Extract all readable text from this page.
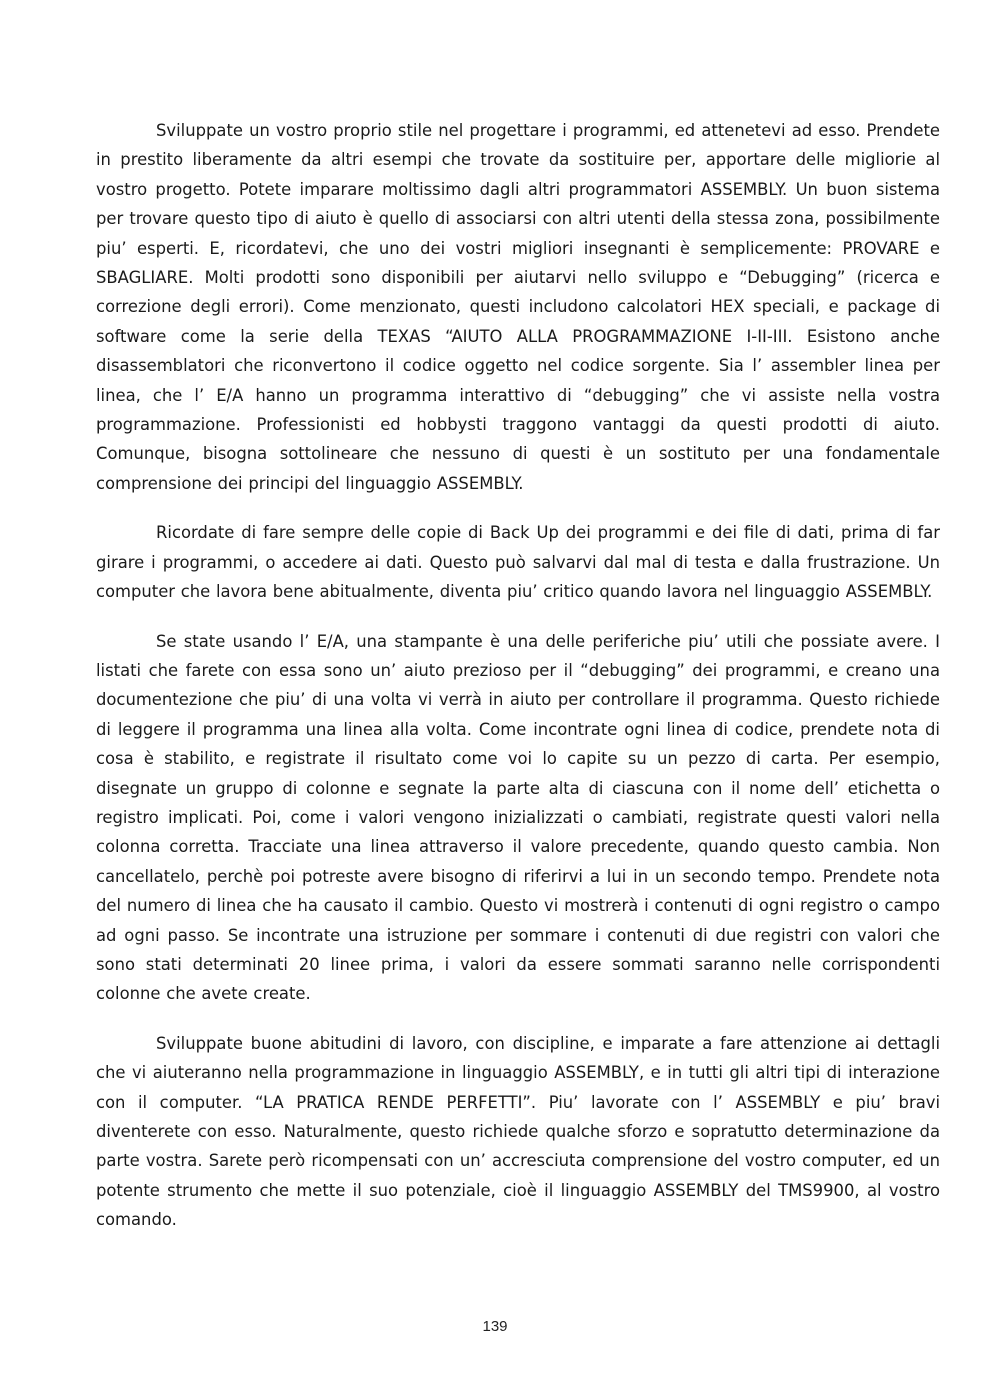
Sviluppate un vostro proprio stile nel progettare i programmi, ed attenetevi ad esso. Prendete in prestito liberamente da altri esempi che trovate da sostituire per, apportare delle migliorie al vostro progetto. Potete imparare moltissimo dagli altri programmatori ASSEMBLY. Un buon sistema per trovare questo tipo di aiuto è quello di associarsi con altri utenti della stessa zona, possibilmente piu’ esperti. E, ricordatevi, che uno dei vostri migliori insegnanti è semplicemente: PROVARE e SBAGLIARE. Molti prodotti sono disponibili per aiutarvi nello sviluppo e “Debugging” (ricerca e correzione degli errori). Come menzionato, questi includono calcolatori HEX speciali, e package di software come la serie della TEXAS “AIUTO ALLA PROGRAMMAZIONE I-II-III. Esistono anche disassemblatori che riconvertono il codice oggetto nel codice sorgente. Sia l’ assembler linea per linea, che l’ E/A hanno un programma interattivo di “debugging” che vi assiste nella vostra programmazione. Professionisti ed hobbysti traggono vantaggi da questi prodotti di aiuto. Comunque, bisogna sottolineare che nessuno di questi è un sostituto per una fondamentale comprensione dei principi del linguaggio ASSEMBLY.

Ricordate di fare sempre delle copie di Back Up dei programmi e dei file di dati, prima di far girare i programmi, o accedere ai dati. Questo può salvarvi dal mal di testa e dalla frustrazione. Un computer che lavora bene abitualmente, diventa piu’ critico quando lavora nel linguaggio ASSEMBLY.

Se state usando l’ E/A, una stampante è una delle periferiche piu’ utili che possiate avere. I listati che farete con essa sono un’ aiuto prezioso per il “debugging” dei programmi, e creano una documentezione che piu’ di una volta vi verrà in aiuto per controllare il programma. Questo richiede di leggere il programma una linea alla volta. Come incontrate ogni linea di codice, prendete nota di cosa è stabilito, e registrate il risultato come voi lo capite su un pezzo di carta. Per esempio, disegnate un gruppo di colonne e segnate la parte alta di ciascuna con il nome dell’ etichetta o registro implicati. Poi, come i valori vengono inizializzati o cambiati, registrate questi valori nella colonna corretta. Tracciate una linea attraverso il valore precedente, quando questo cambia. Non cancellatelo, perchè poi potreste avere bisogno di riferirvi a lui in un secondo tempo. Prendete nota del numero di linea che ha causato il cambio. Questo vi mostrerà i contenuti di ogni registro o campo ad ogni passo. Se incontrate una istruzione per sommare i contenuti di due registri con valori che sono stati determinati 20 linee prima, i valori da essere sommati saranno nelle corrispondenti colonne che avete create.

Sviluppate buone abitudini di lavoro, con discipline, e imparate a fare attenzione ai dettagli che vi aiuteranno nella programmazione in linguaggio ASSEMBLY, e in tutti gli altri tipi di interazione con il computer. “LA PRATICA RENDE PERFETTI”. Piu’ lavorate con l’ ASSEMBLY e piu’ bravi diventerete con esso. Naturalmente, questo richiede qualche sforzo e sopratutto determinazione da parte vostra. Sarete però ricompensati con un’ accresciuta comprensione del vostro computer, ed un potente strumento che mette il suo potenziale, cioè il linguaggio ASSEMBLY del TMS9900, al vostro comando.

139
